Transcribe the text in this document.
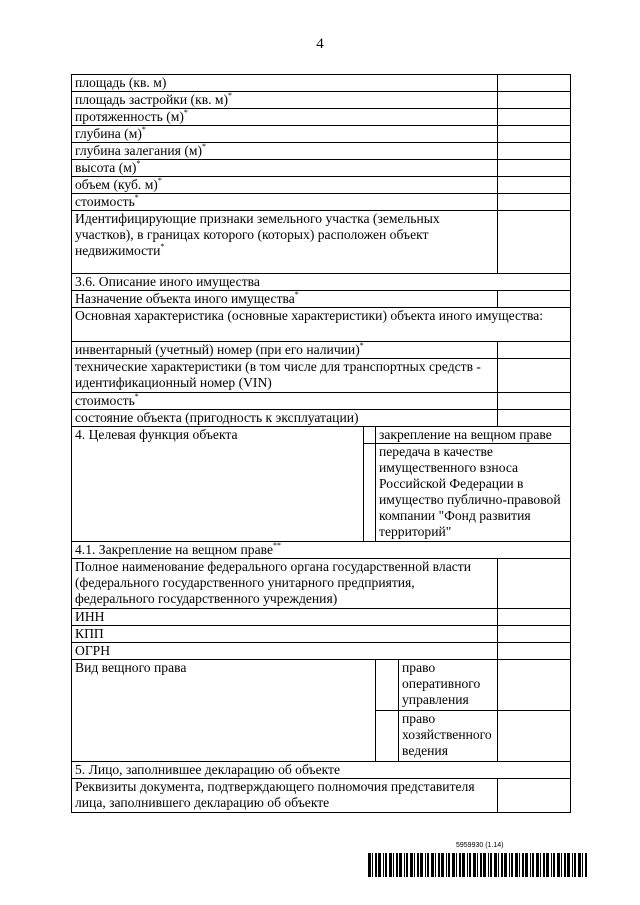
4
площадь (кв. м)			
площадь застройки (кв. м)*	
протяженность (м)*	
глубина (м)*	
глубина залегания (м)*	
высота (м)*	
объем (куб. м)*	
стоимость*	
Идентифицирующие признаки земельного участка (земельных участков), в границах которого (которых) расположен объект недвижимости*	
3.6. Описание иного имущества			
Назначение объекта иного имущества*	
Основная характеристика (основные характеристики) объекта иного имущества:			
инвентарный (учетный) номер (при его наличии)*	
технические характеристики (в том числе для транспортных средств - идентификационный номер (VIN)			
стоимость*	
состояние объекта (пригодность к эксплуатации)			
4. Целевая функция объекта		закрепление на вещном праве	
		передача в качестве имущественного взноса Российской Федерации в имущество публично-правовой компании "Фонд развития территорий"	
4.1. Закрепление на вещном праве**
Полное наименование федерального органа государственной власти (федерального государственного унитарного предприятия, федерального государственного учреждения)			
ИНН			
КПП			
ОГРН			
Вид вещного права		право оперативного управления	

		право хозяйственного ведения	

5. Лицо, заполнившее декларацию об объекте			
Реквизиты документа, подтверждающего полномочия представителя лица, заполнившего декларацию об объекте			
5959930 (1.14)
